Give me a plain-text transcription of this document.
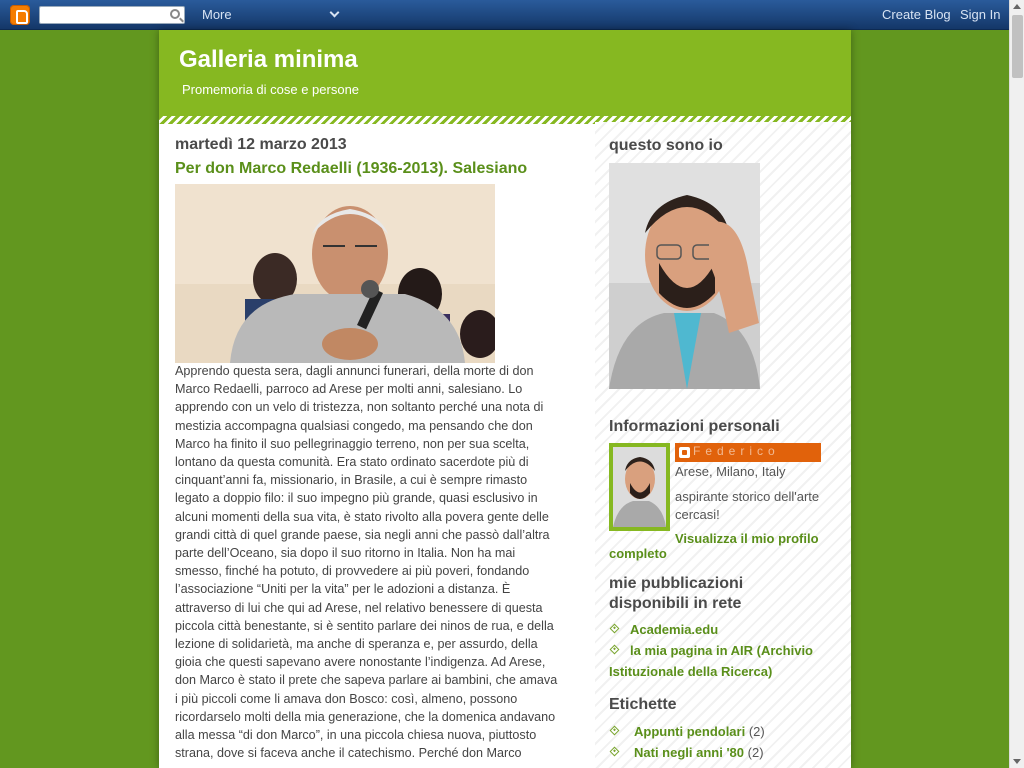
More	Create Blog Sign In
Galleria minima
Promemoria di cose e persone
martedì 12 marzo 2013
Per don Marco Redaelli (1936-2013). Salesiano
Apprendo questa sera, dagli annunci funerari, della morte di don
Marco Redaelli, parroco ad Arese per molti anni, salesiano. Lo
apprendo con un velo di tristezza, non soltanto perché una nota di
mestizia accompagna qualsiasi congedo, ma pensando che don
Marco ha finito il suo pellegrinaggio terreno, non per sua scelta,
lontano da questa comunità. Era stato ordinato sacerdote più di
cinquant’anni fa, missionario, in Brasile, a cui è sempre rimasto
legato a doppio filo: il suo impegno più grande, quasi esclusivo in
alcuni momenti della sua vita, è stato rivolto alla povera gente delle
grandi città di quel grande paese, sia negli anni che passò dall’altra
parte dell’Oceano, sia dopo il suo ritorno in Italia. Non ha mai
smesso, finché ha potuto, di provvedere ai più poveri, fondando
l’associazione “Uniti per la vita” per le adozioni a distanza. È
attraverso di lui che qui ad Arese, nel relativo benessere di questa
piccola città benestante, si è sentito parlare dei ninos de rua, e della
lezione di solidarietà, ma anche di speranza e, per assurdo, della
gioia che questi sapevano avere nonostante l’indigenza. Ad Arese,
don Marco è stato il prete che sapeva parlare ai bambini, che amava
i più piccoli come li amava don Bosco: così, almeno, possono
ricordarselo molti della mia generazione, che la domenica andavano
alla messa “di don Marco”, in una piccola chiesa nuova, piuttosto
strana, dove si faceva anche il catechismo. Perché don Marco
questo sono io
Informazioni personali
Federico
Arese, Milano, Italy
aspirante storico dell'arte
cercasi!
Visualizza il mio profilo
completo
mie pubblicazioni
disponibili in rete
Academia.edu
la mia pagina in AIR (Archivio
Istituzionale della Ricerca)
Etichette
Appunti pendolari (2)
Nati negli anni '80 (2)
